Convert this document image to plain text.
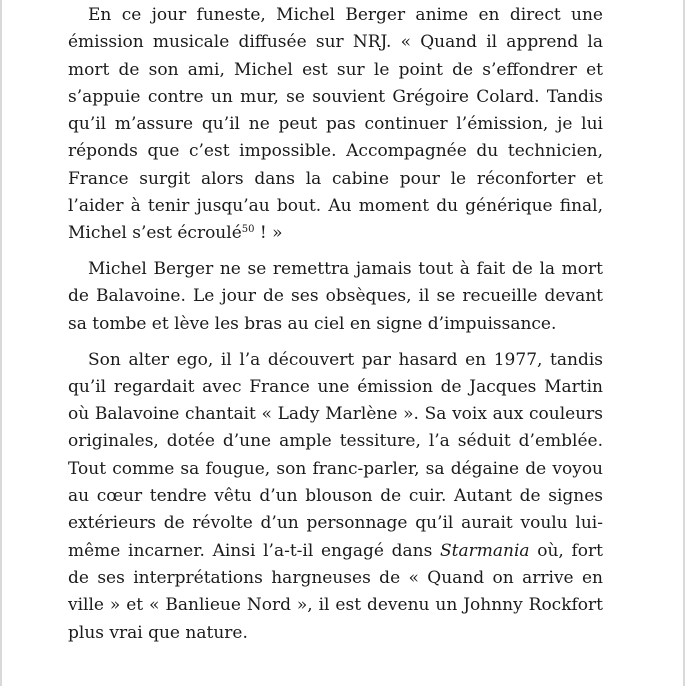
En ce jour funeste, Michel Berger anime en direct une émission musicale diffusée sur NRJ. « Quand il apprend la mort de son ami, Michel est sur le point de s’effondrer et s’appuie contre un mur, se souvient Grégoire Colard. Tandis qu’il m’assure qu’il ne peut pas continuer l’émission, je lui réponds que c’est impossible. Accompagnée du technicien, France surgit alors dans la cabine pour le réconforter et l’aider à tenir jusqu’au bout. Au moment du générique final, Michel s’est écroulé$^{50}$ ! »

Michel Berger ne se remettra jamais tout à fait de la mort de Balavoine. Le jour de ses obsèques, il se recueille devant sa tombe et lève les bras au ciel en signe d’impuissance.

Son alter ego, il l’a découvert par hasard en 1977, tandis qu’il regardait avec France une émission de Jacques Martin où Balavoine chantait « Lady Marlène ». Sa voix aux couleurs originales, dotée d’une ample tessiture, l’a séduit d’emblée. Tout comme sa fougue, son franc-parler, sa dégaine de voyou au cœur tendre vêtu d’un blouson de cuir. Autant de signes extérieurs de révolte d’un personnage qu’il aurait voulu lui-même incarner. Ainsi l’a-t-il engagé dans Starmania où, fort de ses interprétations hargneuses de « Quand on arrive en ville » et « Banlieue Nord », il est devenu un Johnny Rockfort plus vrai que nature.
